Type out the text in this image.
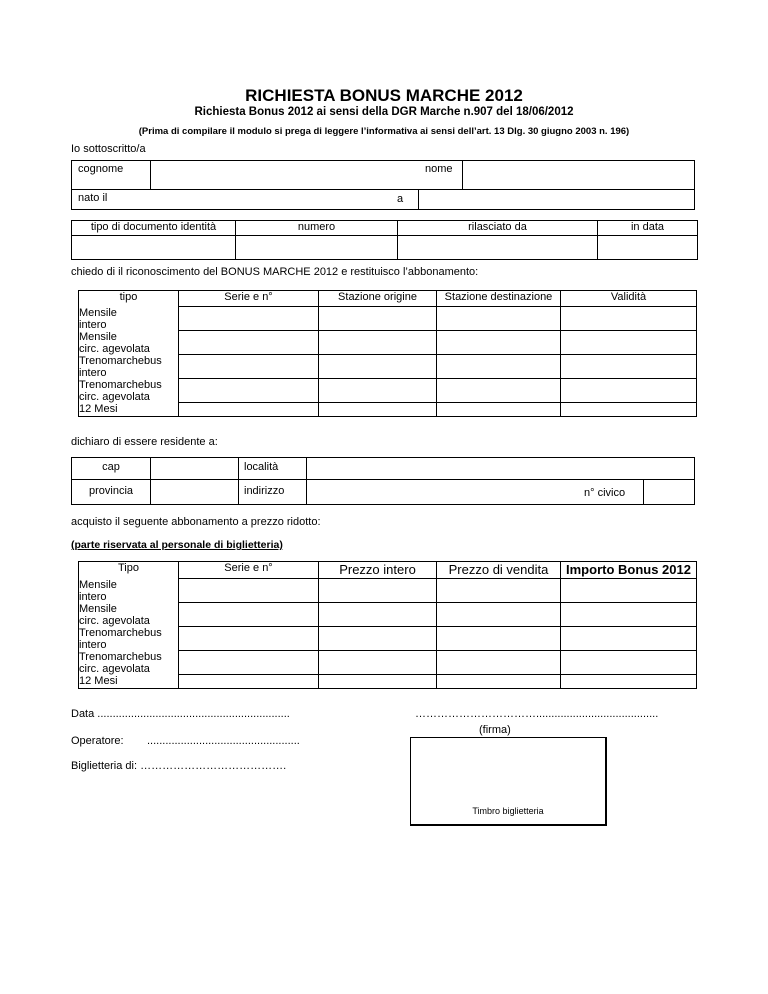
RICHIESTA BONUS MARCHE 2012
Richiesta Bonus 2012 ai sensi della DGR Marche n.907 del 18/06/2012
(Prima di compilare il modulo si prega di leggere l’informativa ai sensi dell’art. 13 Dlg. 30 giugno 2003 n. 196)
Io sottoscritto/a
cognome	nome
nato il	a
tipo di documento identità	numero	rilasciato da	in data

chiedo di il riconoscimento del BONUS MARCHE 2012 e restituisco l’abbonamento:
tipo	Serie e n°	Stazione origine	Stazione destinazione	Validità

Mensile
intero				

Mensile
circ. agevolata				

Trenomarchebus
intero				

Trenomarchebus
circ. agevolata				

12 Mesi				

dichiaro di essere residente a:
cap	località
provincia	indirizzo	n° civico
acquisto il seguente abbonamento a prezzo ridotto:
(parte riservata al personale di biglietteria)
Tipo	Serie e n°	Prezzo intero	Prezzo di vendita	Importo Bonus 2012

Mensile
intero				

Mensile
circ. agevolata				

Trenomarchebus
intero				

Trenomarchebus
circ. agevolata				

12 Mesi				

Data ...............................................................	……………………………........................................
(firma)
Operatore: ..................................................
Biglietteria di: ………………………………….
Timbro biglietteria
